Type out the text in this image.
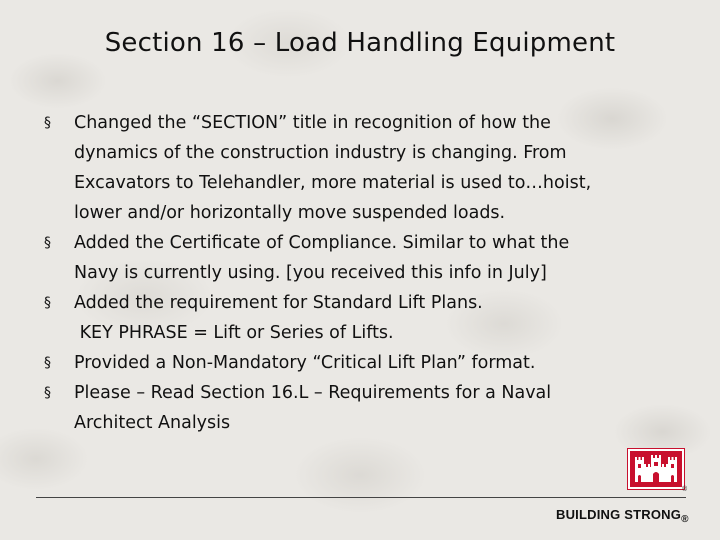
Section 16 – Load Handling Equipment
§ Changed the “SECTION” title in recognition of how the
dynamics of the construction industry is changing. From
Excavators to Telehandler, more material is used to…hoist,
lower and/or horizontally move suspended loads.
§ Added the Certificate of Compliance. Similar to what the
Navy is currently using. [you received this info in July]
§ Added the requirement for Standard Lift Plans.
KEY PHRASE = Lift or Series of Lifts.
§ Provided a Non-Mandatory “Critical Lift Plan” format.
§ Please – Read Section 16.L – Requirements for a Naval
Architect Analysis
®
BUILDING $STRONG_®$
